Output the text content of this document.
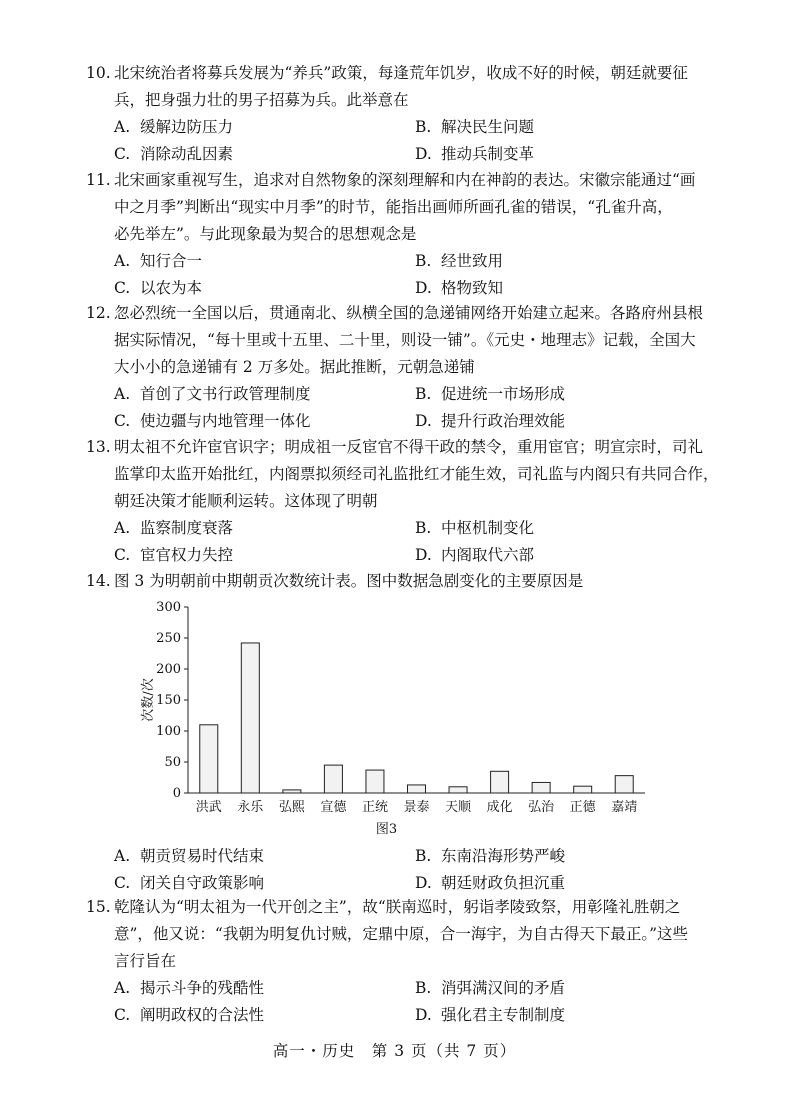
10. 北宋统治者将募兵发展为“养兵”政策，每逢荒年饥岁，收成不好的时候，朝廷就要征
兵，把身强力壮的男子招募为兵。此举意在
A. 缓解边防压力	B. 解决民生问题
C. 消除动乱因素	D. 推动兵制变革
11. 北宋画家重视写生，追求对自然物象的深刻理解和内在神韵的表达。宋徽宗能通过“画
中之月季”判断出“现实中月季”的时节，能指出画师所画孔雀的错误，“孔雀升高，
必先举左”。与此现象最为契合的思想观念是
A. 知行合一	B. 经世致用
C. 以农为本	D. 格物致知
12. 忽必烈统一全国以后，贯通南北、纵横全国的急递铺网络开始建立起来。各路府州县根
据实际情况，“每十里或十五里、二十里，则设一铺”。《元史・地理志》记载，全国大
大小小的急递铺有 2 万多处。据此推断，元朝急递铺
A. 首创了文书行政管理制度	B. 促进统一市场形成
C. 使边疆与内地管理一体化	D. 提升行政治理效能
13. 明太祖不允许宦官识字；明成祖一反宦官不得干政的禁令，重用宦官；明宣宗时，司礼
监掌印太监开始批红，内阁票拟须经司礼监批红才能生效，司礼监与内阁只有共同合作，
朝廷决策才能顺利运转。这体现了明朝
A. 监察制度衰落	B. 中枢机制变化
C. 宦官权力失控	D. 内阁取代六部
14. 图 3 为明朝前中期朝贡次数统计表。图中数据急剧变化的主要原因是
0
50
100
150
200
250
300
次数/次
洪武 永乐 弘熙 宣德 正统 景泰 天顺 成化 弘治 正德 嘉靖
图3
A. 朝贡贸易时代结束	B. 东南沿海形势严峻
C. 闭关自守政策影响	D. 朝廷财政负担沉重
15. 乾隆认为“明太祖为一代开创之主”，故“朕南巡时，躬诣孝陵致祭，用彰隆礼胜朝之
意”，他又说：“我朝为明复仇讨贼，定鼎中原，合一海宇，为自古得天下最正。”这些
言行旨在
A. 揭示斗争的残酷性	B. 消弭满汉间的矛盾
C. 阐明政权的合法性	D. 强化君主专制制度
高一・历史　第 3 页（共 7 页）
